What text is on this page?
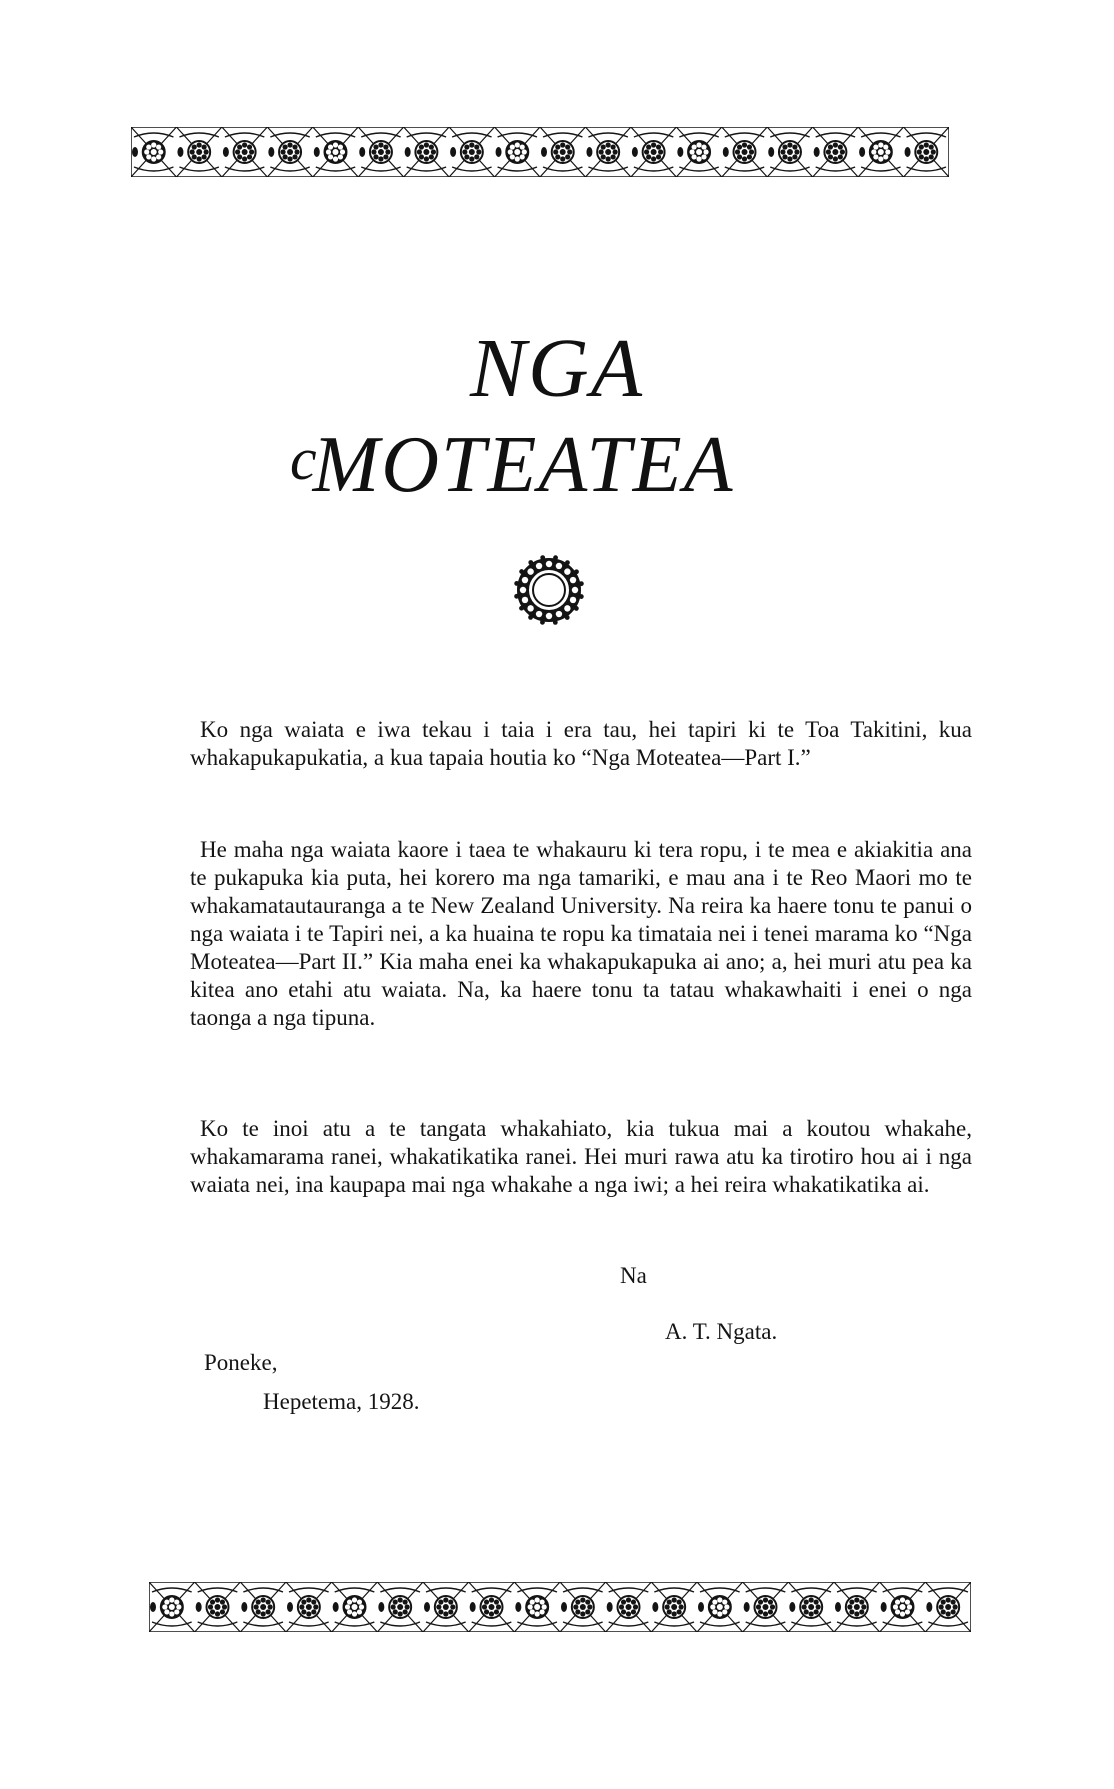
NGA
cMOTEATEA

Ko nga waiata e iwa tekau i taia i era tau, hei tapiri ki te Toa Takitini, kua whakapukapukatia, a kua tapaia houtia ko “Nga Moteatea—Part I.”

He maha nga waiata kaore i taea te whakauru ki tera ropu, i te mea e akiakitia ana te pukapuka kia puta, hei korero ma nga tamariki, e mau ana i te Reo Maori mo te whakamatautauranga a te New Zealand University. Na reira ka haere tonu te panui o nga waiata i te Tapiri nei, a ka huaina te ropu ka timataia nei i tenei marama ko “Nga Moteatea—Part II.” Kia maha enei ka whakapukapuka ai ano; a, hei muri atu pea ka kitea ano etahi atu waiata. Na, ka haere tonu ta tatau whakawhaiti i enei o nga taonga a nga tipuna.

Ko te inoi atu a te tangata whakahiato, kia tukua mai a koutou whakahe, whakamarama ranei, whakatikatika ranei. Hei muri rawa atu ka tirotiro hou ai i nga waiata nei, ina kaupapa mai nga whakahe a nga iwi; a hei reira whakatikatika ai.

Na

A. T. Ngata.

Poneke,

Hepetema, 1928.
